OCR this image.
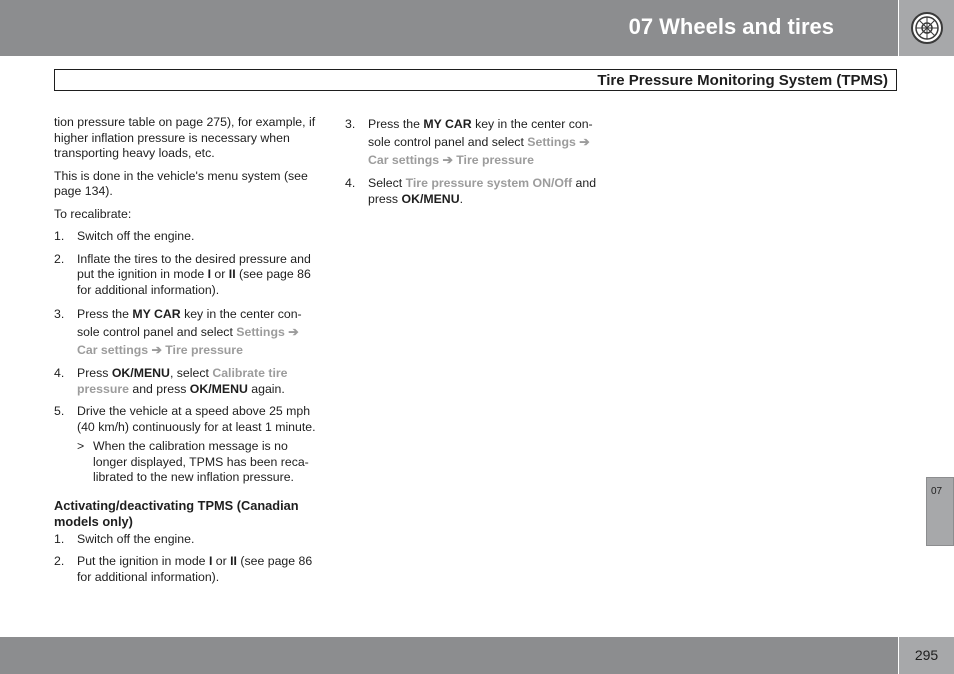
07 Wheels and tires
Tire Pressure Monitoring System (TPMS)

tion pressure table on page 275), for example, if higher inflation pressure is necessary when transporting heavy loads, etc.

This is done in the vehicle's menu system (see page 134).

To recalibrate:

1. Switch off the engine.
2. Inflate the tires to the desired pressure and put the ignition in mode I or II (see page 86 for additional information).
3. Press the MY CAR key in the center con-sole control panel and select Settings ➔
Car settings ➔ Tire pressure
4. Press OK/MENU, select Calibrate tire pressure and press OK/MENU again.
5. Drive the vehicle at a speed above 25 mph (40 km/h) continuously for at least 1 minute.
> When the calibration message is no longer displayed, TPMS has been reca-librated to the new inflation pressure.
Activating/deactivating TPMS (Canadian models only)
1. Switch off the engine.
2. Put the ignition in mode I or II (see page 86 for additional information).
3. Press the MY CAR key in the center con-sole control panel and select Settings ➔
Car settings ➔ Tire pressure
4. Select Tire pressure system ON/Off and press OK/MENU.
07
295
